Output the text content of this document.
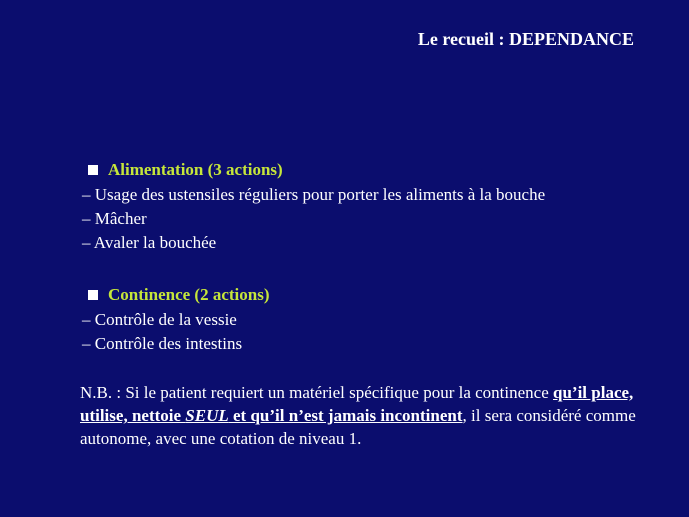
Le recueil : DEPENDANCE
Alimentation (3 actions)
– Usage des ustensiles réguliers pour porter les aliments à la bouche
– Mâcher
– Avaler la bouchée
Continence (2 actions)
– Contrôle de la vessie
– Contrôle des intestins
N.B. : Si le patient requiert un matériel spécifique pour la continence qu’il place, utilise, nettoie SEUL et qu’il n’est jamais incontinent, il sera considéré comme autonome, avec une cotation de niveau 1.
